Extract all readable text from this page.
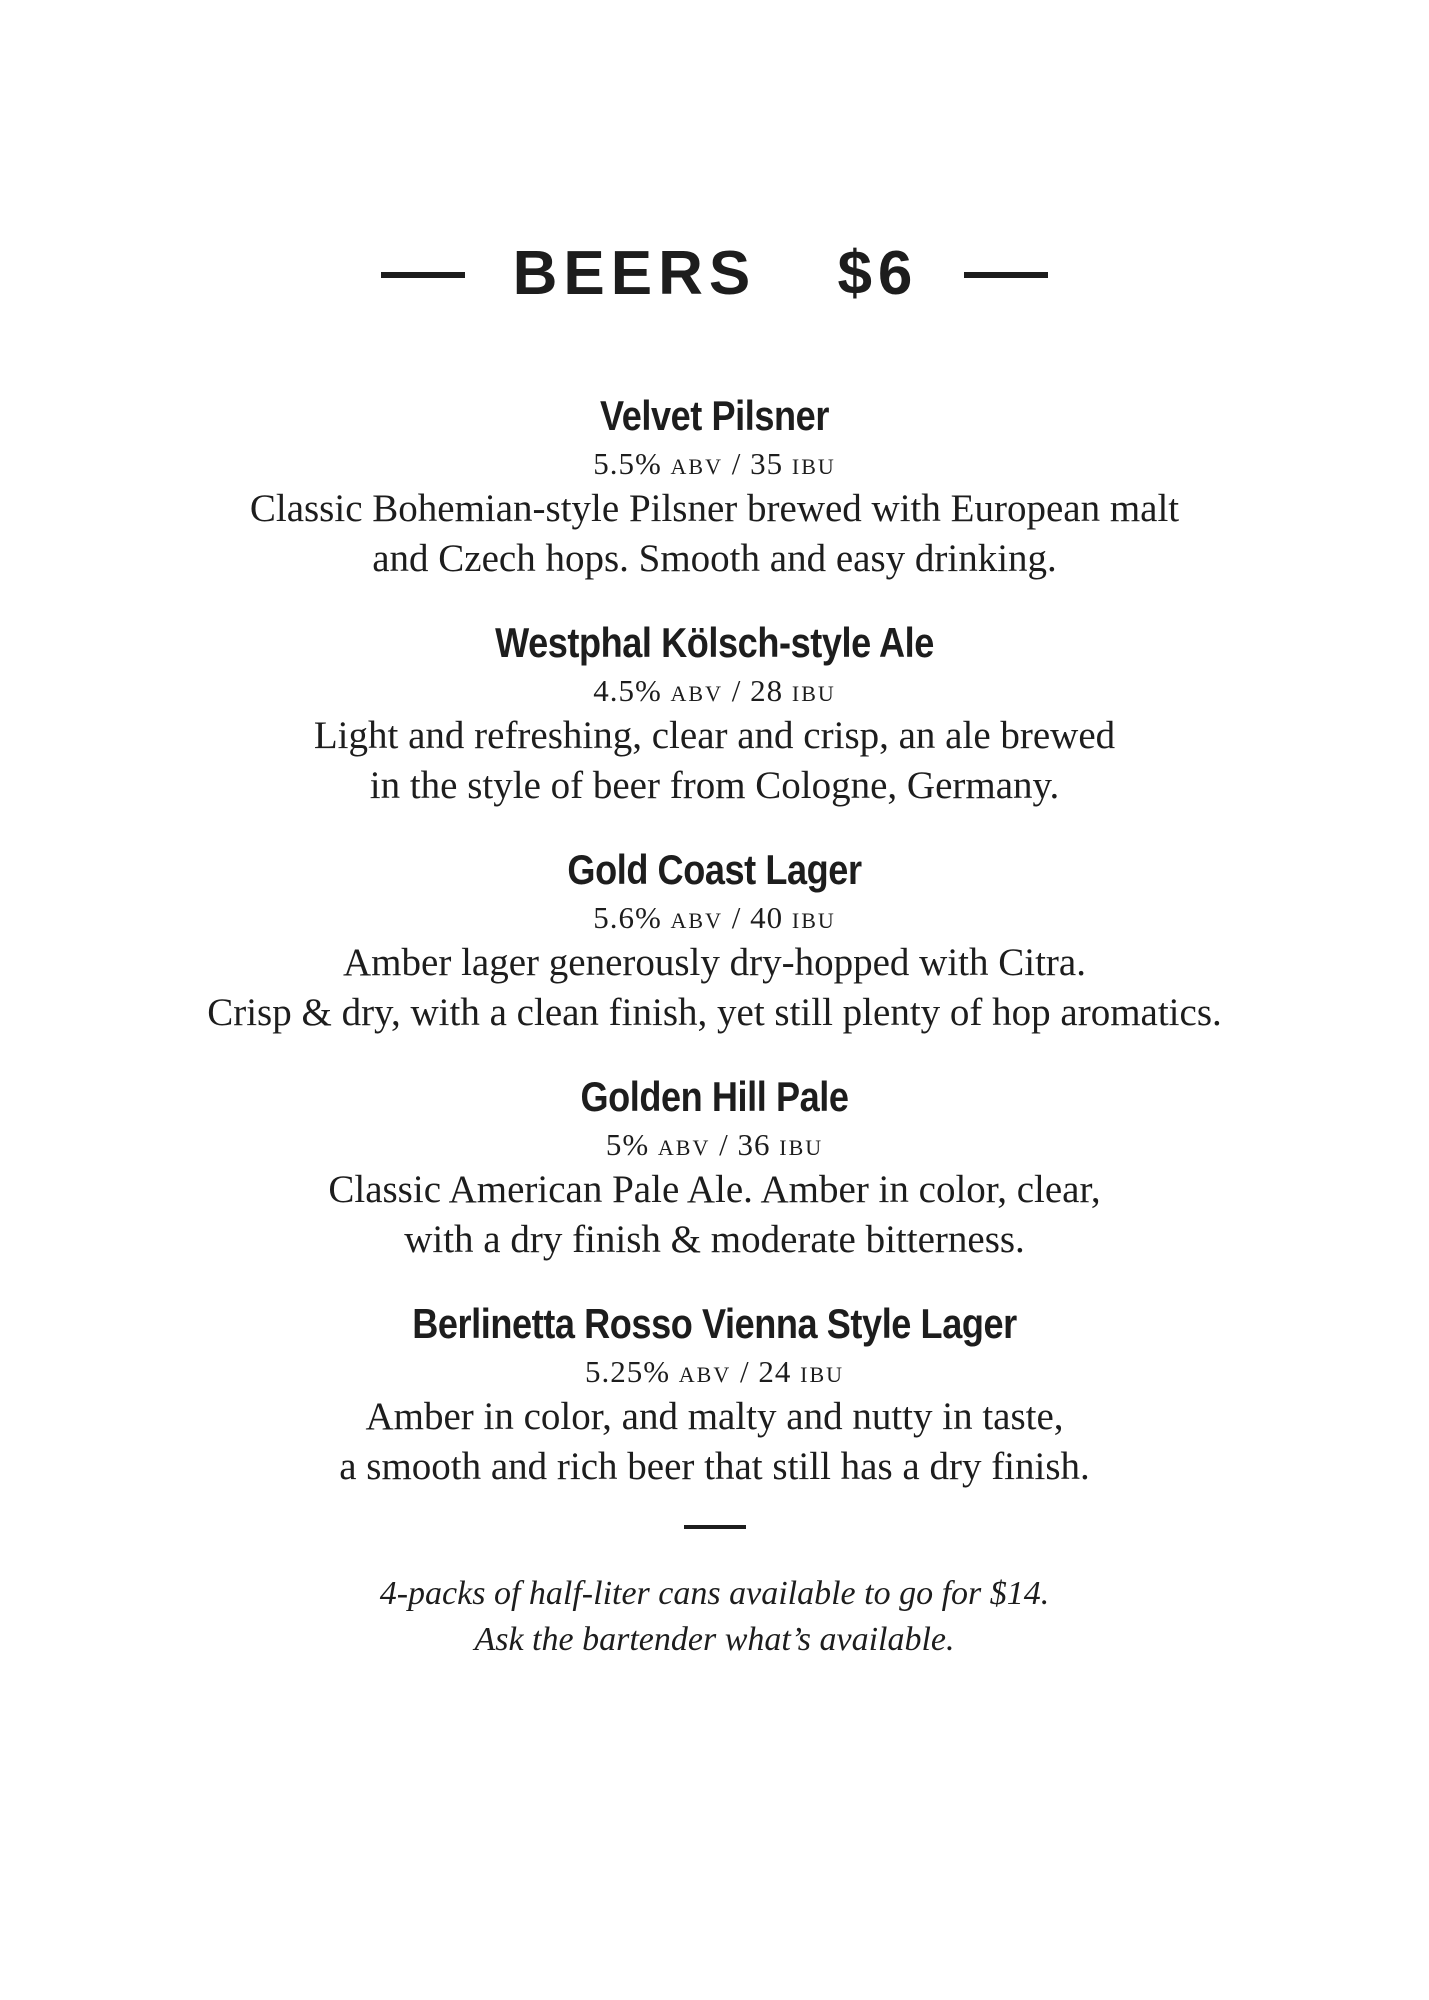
BEERS $6
Velvet Pilsner
5.5% abv / 35 ibu
Classic Bohemian-style Pilsner brewed with European malt
and Czech hops. Smooth and easy drinking.
Westphal Kölsch-style Ale
4.5% abv / 28 ibu
Light and refreshing, clear and crisp, an ale brewed
in the style of beer from Cologne, Germany.
Gold Coast Lager
5.6% abv / 40 ibu
Amber lager generously dry-hopped with Citra.
Crisp & dry, with a clean finish, yet still plenty of hop aromatics.
Golden Hill Pale
5% abv / 36 ibu
Classic American Pale Ale. Amber in color, clear,
with a dry finish & moderate bitterness.
Berlinetta Rosso Vienna Style Lager
5.25% abv / 24 ibu
Amber in color, and malty and nutty in taste,
a smooth and rich beer that still has a dry finish.
4-packs of half-liter cans available to go for $14.
Ask the bartender what’s available.
